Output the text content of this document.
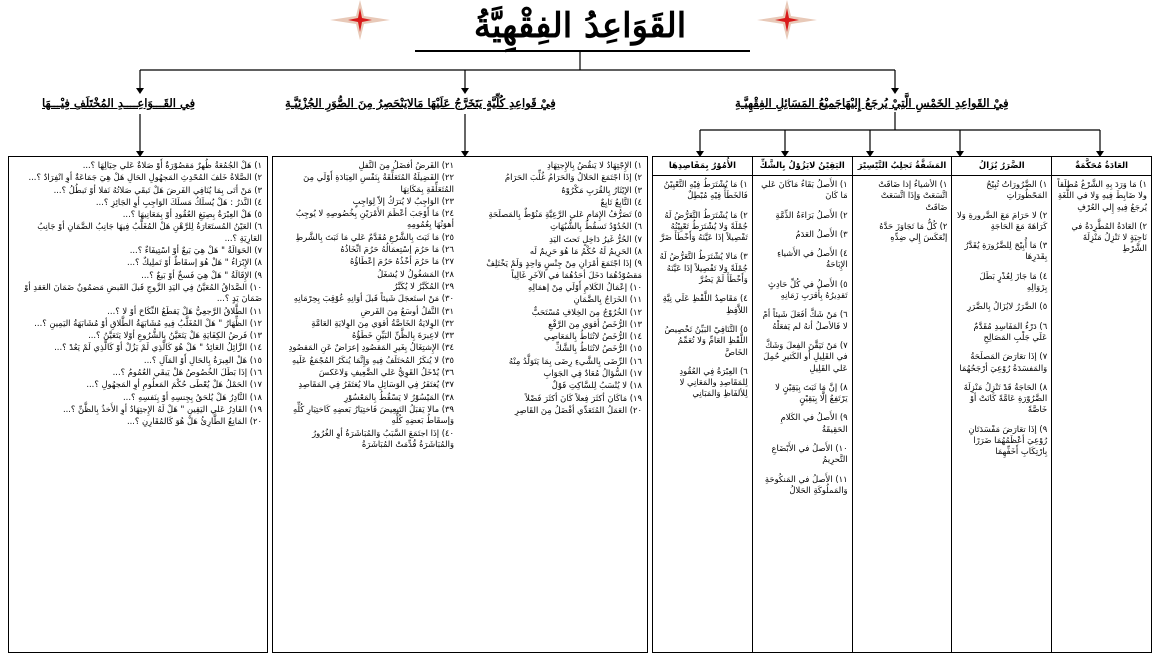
القَوَاعِدُ الفِقْهِيَّةُ
فِيْ القَواعِدِ الخَمْسِ الَّتِيْ يُرجَعُ إِليْهَاجَميْعُ المَسَائِلِ الفِقْهِيَّـةِ
فِيْ قَواعِدِ كُلِّيَّةٍ يَتَخَرَّجُ عَلَيْهَا مَالايَنْحَصِرُ مِنَ الصُّوَرِ الجُزْئِيَّـةِ
فِي القَـــوَاعِــــدِ المُخْتَلَفِ فِيْـــهَا
الأُمُوْرُ بِمَقَاصِدِهَا
١) مَا يُشْتَرَطُ فِيْهِ التَّعْيِيْنُ فَالخَطَأُ فِيْهِ مُبْطِلٌ
٢) مَا يُشْتَرَطُ التَّعَرُّضُ لَهُ جُمْلَةً وَلا يُشْتَرَطُ تَعْيِيْنُهُ تَفْصِيلاً إذَا عَيَّنَهُ وَأَخْطَأَ ضَرَّ
٣) مَالا يُشْتَرَطُ التَّعَرُّضُ لَهُ جُمْلَةً وَلا تَفْصِيلاً إذَا عَيَّنَهُ وَأَخْطَأَ لَمْ يَضُرَّ
٤) مَقَاصِدُ اللَّفْظِ عَلَي نِيَّةِ اللاَّفِظِ
٥) التَّنَافِيْ البَيِّنُ تَخْصِيصُ اللَّفْظِ العَامِّ وَلا تُعَمِّمُ الخَاصَّ
٦) العِبْرَةُ فِي العُقُودِ لِلمَقَاصِدِ والمَعَانِي لا لِلألفَاظِ وَالمَبَانِي
اليَقِيْنُ لايَزُوْلُ بِالشَّكِّ
١) الأَصلُ بَقَاءُ مَاكَانَ عَلي مَا كَانَ
٢) الأَصلُ بَرَاءَةُ الذِّمَّةِ
٣) الأَصلُ العَدَمُ
٤) الأَصلُ في الأَشياءِ الإِبَاحَةُ
٥) الأَصلُ في كُلِّ حَادِثٍ تَقدِيرُهُ بِأَقرَبِ زَمَانِهِ
٦) مَنْ شَكَّ أفَعَلَ شَيئاً أمْ لا فَالأصلُ أنهُ لم يَفعَلْهُ
٧) مَنْ تَيَقَّنَ الفِعلَ وَشَكَّ في القَلِيلِ أَو الكَثيرِ حُمِلَ عَلي القَلِيلِ
٨) إنَّ مَا ثَبَتَ بِيَقِيْنٍ لا يَرْتَفِعُ إلَّا بِيَقِيْنٍ
٩) الأَصلُ في الكَلامِ الحَقِيقَةُ
١٠) الأَصلُ في الأَبْضَاعِ التَّحرِيمُ
١١) الأَصلُ في المَنكُوحَةِ وَالمَملُوكَةِ الحَلالُ
المَشَقَّةُ تَجلِبُ التَّيْسِيْرَ
١) الأشياءُ إذا ضَاقَتْ اتَّسَعَتْ وَإذَا اتَّسَعَتْ ضَاقَتْ
٢) كُلُّ مَا تَجَاوَزَ حَدَّهُ إنْعَكَسَ إِلي ضِدِّهِ
الضَّرَرُ يُزَالُ
١) الضَّرُورَاتُ تُبِيْحُ المَحْظُورَاتِ
٢) لا حَرَامَ مَعَ الضَّرورةِ وَلا كَرَاهَةَ مَعَ الحَاجَةِ
٣) مَا أُبِيْحَ لِلضَّرُورَةِ يُقَدَّرُ بِقَدَرِهَا
٤) مَا جَازَ لِعُذْرٍ بَطَلَ بِزَوَالِهِ
٥) الضَّرَرُ لايُزَالُ بِالضَّرَرِ
٦) دَرْءُ المَفَاسِدِ مُقَدَّمٌ عَلَي جَلْبِ المَصَالِحِ
٧) إذَا تعَارَضَ المَصلَحَةُ وَالمَفسَدَةُ رُوْعِيَ أرْجَحُهُمَا
٨) الحَاجَةُ قَدْ تَنْزِلُ مَنْزِلَةَ الضَّرُوْرَةِ عَامَّةً كَانَتْ أوْ خَاصَّةً
٩) إذَا تعَارَضَ مَفْسَدَتَانِ رُوْعِيَ أعْظَمُهُمَا ضَرَرًا بِارْتِكَابِ أَخَفِّهِمَا
العَادَةُ مُحَكَّمَةٌ
١) مَا وَرَدَ بِهِ الشَّرْعُ مُطلَقاً ولا ضَابِطَ فِيهِ وَلا في اللُّغَةِ يُرجَعُ فِيهِ إِلي العُرْفِ
٢) العَادَةُ المُطَّرِدَةُ في نَاحِيَةٍ لا تَنْزِلُ مَنْزِلَةَ الشَّرْطِ
١) الإِجْتِهَادُ لا يَنقُضُ بِالإِجتِهَادِ
٢) إذَا اجْتَمَعَ الحَلالُ وَالحَرَامُ غُلِّبَ الحَرَامُ
٣) الإيْثَارُ بِالقُرَبِ مَكْرُوْهٌ
٤) التَّابِعُ تَابِعٌ
٥) تَصَرُّفُ الإِمَامِ عَلي الرَّعِيَّةِ مَنُوْطٌ بِالمَصلَحَةِ
٦) الحُدُوْدُ تَسقُطُ بِالشُّبُهَاتِ
٧) الحُرُّ غَيرُ دَاخِلٍ تَحتَ اليَدِ
٨) الحَرِيمُ لَهُ حُكْمُ مَا هُوَ حَرِيمٌ لَه
٩) إذَا اجْتَمَعَ أمْرَانِ مِنْ جِنْسٍ وَاحِدٍ وَلَمْ يَخْتَلِفْ مَقصُوْدُهُمَا دَخَلَ أحَدُهُمَا في الآخَرِ غَالِباً
١٠) إعْمَالُ الكَلامِ أَوْلَي مِنْ إهمَالِهِ
١١) الخَرَاجُ بِالضَّمَانِ
١٢) الخُرُوْجُ مِنَ الخِلافِ مُسْتَحَبٌّ
١٣) الرُّخَصُ أقوَي مِنَ الرَّفْعِ
١٤) الرُّخَصُ لاتُنَاطُ بِالمَعَاصِي
١٥) الرُّخَصُ لاتُنَاطُ بِالشَّكِّ
١٦) الرِّضَى بِالشَّيءِ رِضَى بِمَا يَتَوَلَّدُ مِنْهُ
١٧) السُّؤالُ مُعَادٌ فِي الجَوَابِ
١٨) لا يُنْسَبُ لِلسَّاكِتِ قَوْلٌ
١٩) مَاكَانَ أكثَرَ فِعلاً كَانَ أكثَرَ فَضْلاً
٢٠) العَمَلُ المُتَعَدِّي أفْضَلُ مِنَ القَاصِرِ
٢١) الفَرضُ أفضَلُ مِنَ النَّفلِ
٢٢) الفَضِيلَةُ المُتَعَلِّقَةُ بِنَفْسِ العِبَادَةِ أَوْلَي مِنَ المُتَعَلِّقَةِ بِمَكَانِهَا
٢٣) الوَاجِبُ لا يُترَكُ إلاّ لِوَاجِبٍ
٢٤) مَا أَوْجَبَ أعْظَمَ الأَمْرَيْنِ بِخُصُوصِهِ لا يُوجِبُ أهوَنُهَا بِعُمُومِهِ
٢٥) مَا ثَبَتَ بِالشَّرْعِ مُقَدَّمٌ عَلي مَا ثَبَتَ بِالشَّرطِ
٢٦) مَا حَرُمَ إسْتِعمَالُهُ حَرُمَ اتِّخَاذُهُ
٢٧) مَا حَرُمَ أخْذُهُ حَرُمَ إعْطَاؤُهُ
٢٨) المَشغُولُ لا يُشغَلُ
٢٩) المُكَبَّرُ لا يُكَبَّرُ
٣٠) مَنْ استَعجَلَ شَيئاً قَبلَ أوَانِهِ عُوْقِبَ بِحِرْمَانِهِ
٣١) النَّفلُ أوسَعُ مِنَ الفَرضِ
٣٢) الوِلايَةُ الخَاصَّةُ أقوَي مِنَ الوِلايَةِ العَامَّةِ
٣٣) لاعِبرَةَ بِالظَّنِّ البَيِّنِ خَطَؤُهُ
٣٤) الإِشتِغَالُ بِغَيرِ المَقصُودِ إعرَاضٌ عَنِ المَقصُودِ
٣٥) لا يُنكَرُ المُختَلَفُ فِيهِ وَإِنَّمَا يُنكَرُ المُجْمَعُ عَلَيهِ
٣٦) يُدْخَلُ القَوِيُّ عَلي الضَّعِيفِ وَلاعَكسَ
٣٧) يُغتَفَرُ فِي الوَسَائِلِ مالا يُغتَفَرُ فِي المَقَاصِدِ
٣٨) المَيْسُوْرُ لا يَسْقُطُ بِالمَعْسُوْرِ
٣٩) مالا يَقبَلُ التَبعِيضَ فَاختِيَارُ بَعضِهِ كَاختِيَارِ كُلِّهِ وَإسقَاطُ بَعضِهِ كُلِّهِ
٤٠) إذَا اجتَمَعَ السَّبَبُ وَالمُبَاشَرَةُ أوِ الغُرُورُ وَالمُبَاشَرَةُ قُدِّمَتْ المُبَاشَرَةُ
١) هَلْ الجُمُعَةُ ظُهرٌ مَقصُوْرَةٌ أَوْ صَلاةٌ عَلي حِيَالِهَا ؟...
٢) الصَّلاةُ خَلفَ المُحْدِثِ المَجهُولِ الحَالِ هَلْ هِيَ جَمَاعَةٌ أوِ انْفِرَادٌ ؟...
٣) مَنْ أتَى بِمَا يُنَافِي الفَرضَ هَلْ تَبقَي صَلاتُهُ نَفلا أوْ تَبطُلُ ؟...
٤) النَّذرُ : هَلْ يُسلَكُ مَسلَكَ الوَاجِبِ أوِ الجَائِزِ ؟...
٥) هَلْ العِبْرَةُ بِصِيَغِ العُقُودِ أوْ بِمَعَانِيهَا ؟...
٦) العَيْنُ المُستَعَارَةُ لِلرَّهْنِ هَلْ المُغَلَّبُ فِيهَا جَانِبُ الضَّمَانِ أوْ جَانِبُ العَارِيَةِ ؟...
٧) الحَوَالَةُ " هَلْ هِيَ بَيعٌ أوْ اسْتِيفَاءٌ ؟...
٨) الإِبْرَاءُ " هَلْ هُوَ إسقَاطٌ أوْ تَملِيكٌ ؟...
٩) الإِقَالَةُ " هَلْ هِيَ فَسخٌ أوْ بَيعٌ ؟...
١٠) الصَّدَاقُ المُعَيَّنُ فِي اليَدِ الزَّوجِ قَبلَ القَبضِ مَضمُونٌ ضَمَانَ العَقدِ أوْ ضَمَانَ يَدٍ ؟...
١١) الطَّلاقُ الرَّجعِيُّ هَلْ يَقطَعُ النِّكَاحَ أوْ لا ؟...
١٢) الظِّهَارُ " هَلْ المُغَلَّبُ فِيهِ مُشَابَهَةُ الطَّلاقِ أوْ مُشَابَهَةُ اليَمِينِ ؟...
١٣) فَرضُ الكِفَايَةِ هَلْ يَتَعَيَّنُ بِالشُّرُوعِ أوْلا يَتَعَيَّنُ ؟...
١٤) الزَّائِلُ العَائِدُ " هَلْ هُوَ كَالَّذِي لَمْ يَزُلْ أوْ كَالَّذِي لَمْ يَعُدْ ؟...
١٥) هَلْ العِبرَةُ بِالحَالِ أَوْ المَآلِ ؟...
١٦) إذَا بَطَلَ الخُصُوصُ هَلْ يَبقَي العُمُومُ ؟...
١٧) الحَمْلُ هَلْ يُعْطَى حُكْمَ المَعلُومِ أوِ المَجهُولِ ؟...
١٨) النَّادِرُ هَلْ يُلحَقُ بِجِنسِهِ أوْ بِنَفسِهِ ؟...
١٩) القَادِرُ عَلي اليَقِينِ " هَلْ لَهُ الإِجتِهَادُ أوِ الأَخذُ بِالظَّنِّ ؟...
٢٠) المَانِعُ الطَّارِئُ هَلْ هُوَ كَالمُقَارِنِ ؟...
